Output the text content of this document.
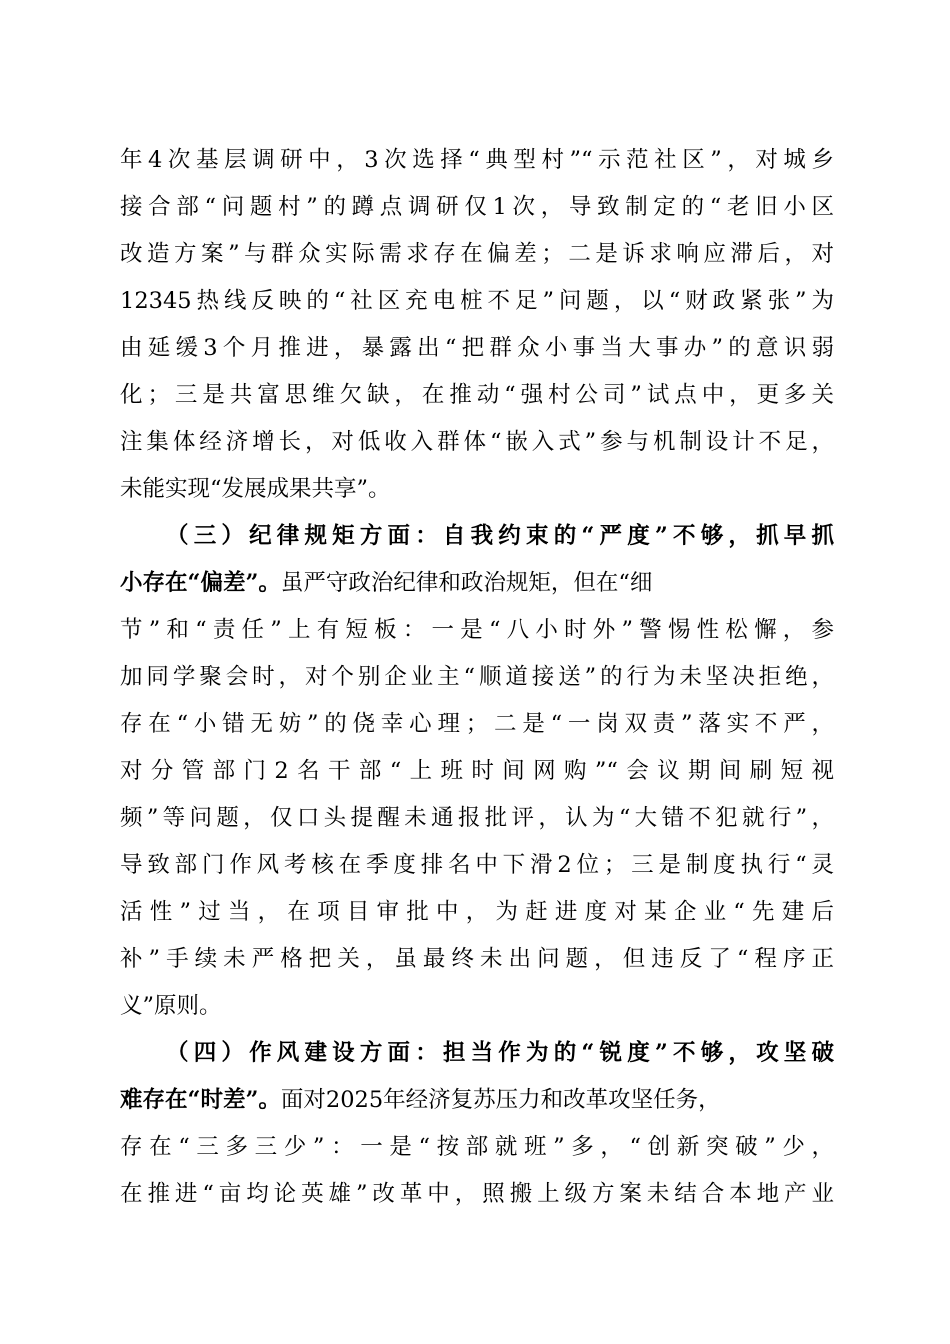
年4次基层调研中，3次选择“典型村”“示范社区”，对城乡
接合部“问题村”的蹲点调研仅1次，导致制定的“老旧小区
改造方案”与群众实际需求存在偏差；二是诉求响应滞后，对
12345热线反映的“社区充电桩不足”问题，以“财政紧张”为
由延缓3个月推进，暴露出“把群众小事当大事办”的意识弱
化；三是共富思维欠缺，在推动“强村公司”试点中，更多关
注集体经济增长，对低收入群体“嵌入式”参与机制设计不足，
未能实现“发展成果共享”。
（三）纪律规矩方面：自我约束的“严度”不够，抓早抓
小存在“偏差”。虽严守政治纪律和政治规矩，但在“细
节”和“责任”上有短板：一是“八小时外”警惕性松懈，参
加同学聚会时，对个别企业主“顺道接送”的行为未坚决拒绝，
存在“小错无妨”的侥幸心理；二是“一岗双责”落实不严，
对分管部门2名干部“上班时间网购”“会议期间刷短视
频”等问题，仅口头提醒未通报批评，认为“大错不犯就行”，
导致部门作风考核在季度排名中下滑2位；三是制度执行“灵
活性”过当，在项目审批中，为赶进度对某企业“先建后
补”手续未严格把关，虽最终未出问题，但违反了“程序正
义”原则。
（四）作风建设方面：担当作为的“锐度”不够，攻坚破
难存在“时差”。面对2025年经济复苏压力和改革攻坚任务，
存在“三多三少”：一是“按部就班”多，“创新突破”少，
在推进“亩均论英雄”改革中，照搬上级方案未结合本地产业
